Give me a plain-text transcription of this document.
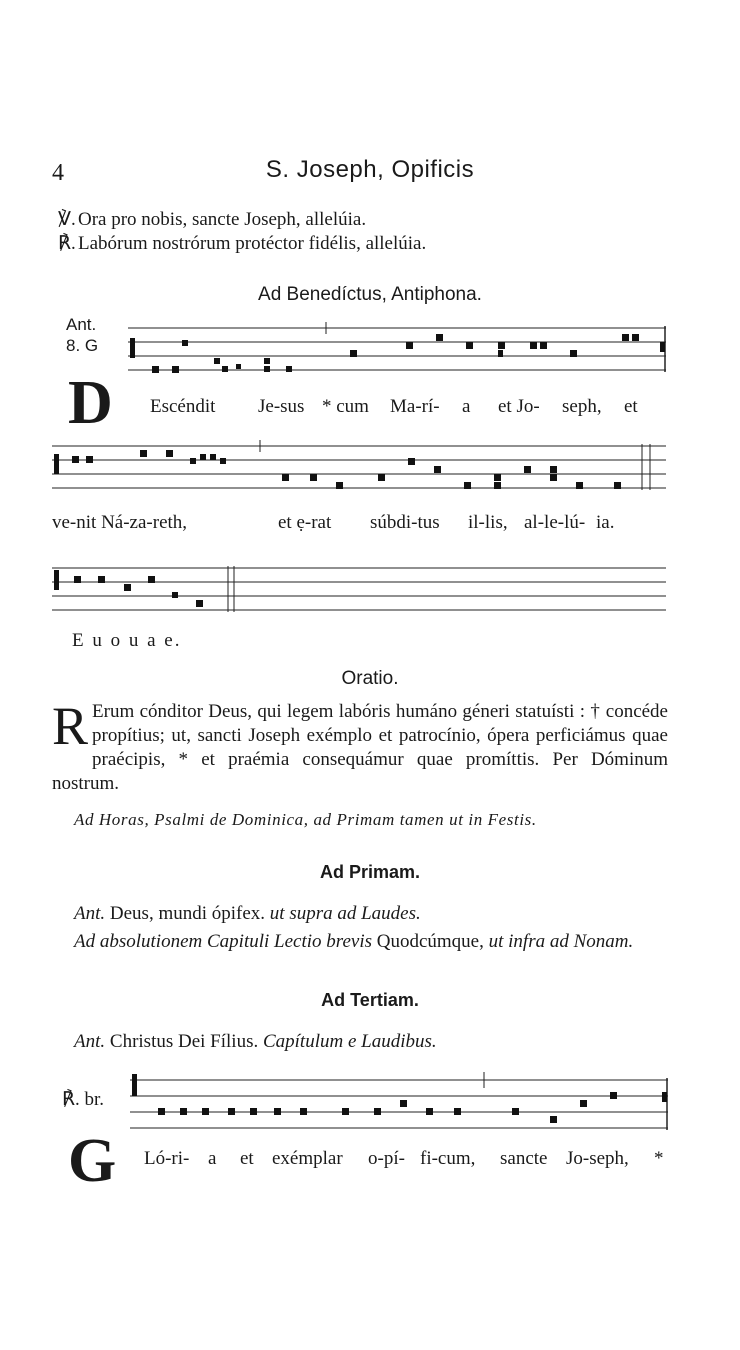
4	S. Joseph, Opificis
℣. Ora pro nobis, sancte Joseph, allelúia.
℟. Labórum nostrórum protéctor fidélis, allelúia.
Ad Benedíctus, Antiphona.
Ant.
8. G
D Escéndit Je-sus * cum Ma-rí- a et Jo- seph, et
ve-nit Ná-za-reth,	et ẹ-rat súbdi-tus il-lis, al-le-lú- ia.
E u o u a e.
Oratio.
R Erum cónditor Deus, qui legem labóris humáno géneri statuísti : † concéde propítius; ut, sancti Joseph exémplo et patrocínio, ópera perficiámus quae praécipis, * et praémia consequámur quae promíttis. Per Dóminum nostrum.
Ad Horas, Psalmi de Dominica, ad Primam tamen ut in Festis.
Ad Primam.
Ant. Deus, mundi ópifex. ut supra ad Laudes.
Ad absolutionem Capituli Lectio brevis Quodcúmque, ut infra ad Nonam.
Ad Tertiam.
Ant. Christus Dei Fílius. Capítulum e Laudibus.
℟. br.
G Ló-ri- a et exémplar o-pí- fi-cum, sancte Jo-seph, *
